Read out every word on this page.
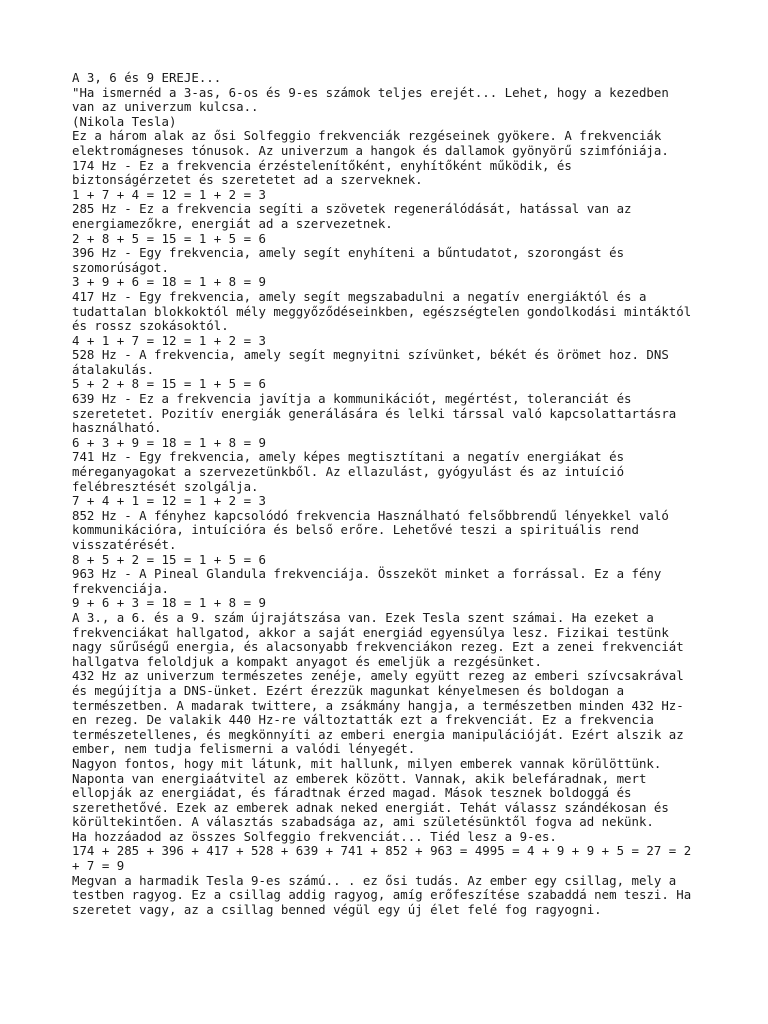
A 3, 6 és 9 EREJE...
"Ha ismernéd a 3-as, 6-os és 9-es számok teljes erejét... Lehet, hogy a kezedben
van az univerzum kulcsa..
(Nikola Tesla)
Ez a három alak az ősi Solfeggio frekvenciák rezgéseinek gyökere. A frekvenciák
elektromágneses tónusok. Az univerzum a hangok és dallamok gyönyörű szimfóniája.
174 Hz - Ez a frekvencia érzéstelenítőként, enyhítőként működik, és
biztonságérzetet és szeretetet ad a szerveknek.
1 + 7 + 4 = 12 = 1 + 2 = 3
285 Hz - Ez a frekvencia segíti a szövetek regenerálódását, hatással van az
energiamezőkre, energiát ad a szervezetnek.
2 + 8 + 5 = 15 = 1 + 5 = 6
396 Hz - Egy frekvencia, amely segít enyhíteni a bűntudatot, szorongást és
szomorúságot.
3 + 9 + 6 = 18 = 1 + 8 = 9
417 Hz - Egy frekvencia, amely segít megszabadulni a negatív energiáktól és a
tudattalan blokkoktól mély meggyőződéseinkben, egészségtelen gondolkodási mintáktól
és rossz szokásoktól.
4 + 1 + 7 = 12 = 1 + 2 = 3
528 Hz - A frekvencia, amely segít megnyitni szívünket, békét és örömet hoz. DNS
átalakulás.
5 + 2 + 8 = 15 = 1 + 5 = 6
639 Hz - Ez a frekvencia javítja a kommunikációt, megértést, toleranciát és
szeretetet. Pozitív energiák generálására és lelki társsal való kapcsolattartásra
használható.
6 + 3 + 9 = 18 = 1 + 8 = 9
741 Hz - Egy frekvencia, amely képes megtisztítani a negatív energiákat és
méreganyagokat a szervezetünkből. Az ellazulást, gyógyulást és az intuíció
felébresztését szolgálja.
7 + 4 + 1 = 12 = 1 + 2 = 3
852 Hz - A fényhez kapcsolódó frekvencia Használható felsőbbrendű lényekkel való
kommunikációra, intuícióra és belső erőre. Lehetővé teszi a spirituális rend
visszatérését.
8 + 5 + 2 = 15 = 1 + 5 = 6
963 Hz - A Pineal Glandula frekvenciája. Összeköt minket a forrással. Ez a fény
frekvenciája.
9 + 6 + 3 = 18 = 1 + 8 = 9
A 3., a 6. és a 9. szám újrajátszása van. Ezek Tesla szent számai. Ha ezeket a
frekvenciákat hallgatod, akkor a saját energiád egyensúlya lesz. Fizikai testünk
nagy sűrűségű energia, és alacsonyabb frekvenciákon rezeg. Ezt a zenei frekvenciát
hallgatva feloldjuk a kompakt anyagot és emeljük a rezgésünket.
432 Hz az univerzum természetes zenéje, amely együtt rezeg az emberi szívcsakrával
és megújítja a DNS-ünket. Ezért érezzük magunkat kényelmesen és boldogan a
természetben. A madarak twittere, a zsákmány hangja, a természetben minden 432 Hz-
en rezeg. De valakik 440 Hz-re változtatták ezt a frekvenciát. Ez a frekvencia
természetellenes, és megkönnyíti az emberi energia manipulációját. Ezért alszik az
ember, nem tudja felismerni a valódi lényegét.
Nagyon fontos, hogy mit látunk, mit hallunk, milyen emberek vannak körülöttünk.
Naponta van energiaátvitel az emberek között. Vannak, akik belefáradnak, mert
ellopják az energiádat, és fáradtnak érzed magad. Mások tesznek boldoggá és
szerethetővé. Ezek az emberek adnak neked energiát. Tehát válassz szándékosan és
körültekintően. A választás szabadsága az, ami születésünktől fogva ad nekünk.
Ha hozzáadod az összes Solfeggio frekvenciát... Tiéd lesz a 9-es.
174 + 285 + 396 + 417 + 528 + 639 + 741 + 852 + 963 = 4995 = 4 + 9 + 9 + 5 = 27 = 2
+ 7 = 9
Megvan a harmadik Tesla 9-es számú.. . ez ősi tudás. Az ember egy csillag, mely a
testben ragyog. Ez a csillag addig ragyog, amíg erőfeszítése szabaddá nem teszi. Ha
szeretet vagy, az a csillag benned végül egy új élet felé fog ragyogni.
